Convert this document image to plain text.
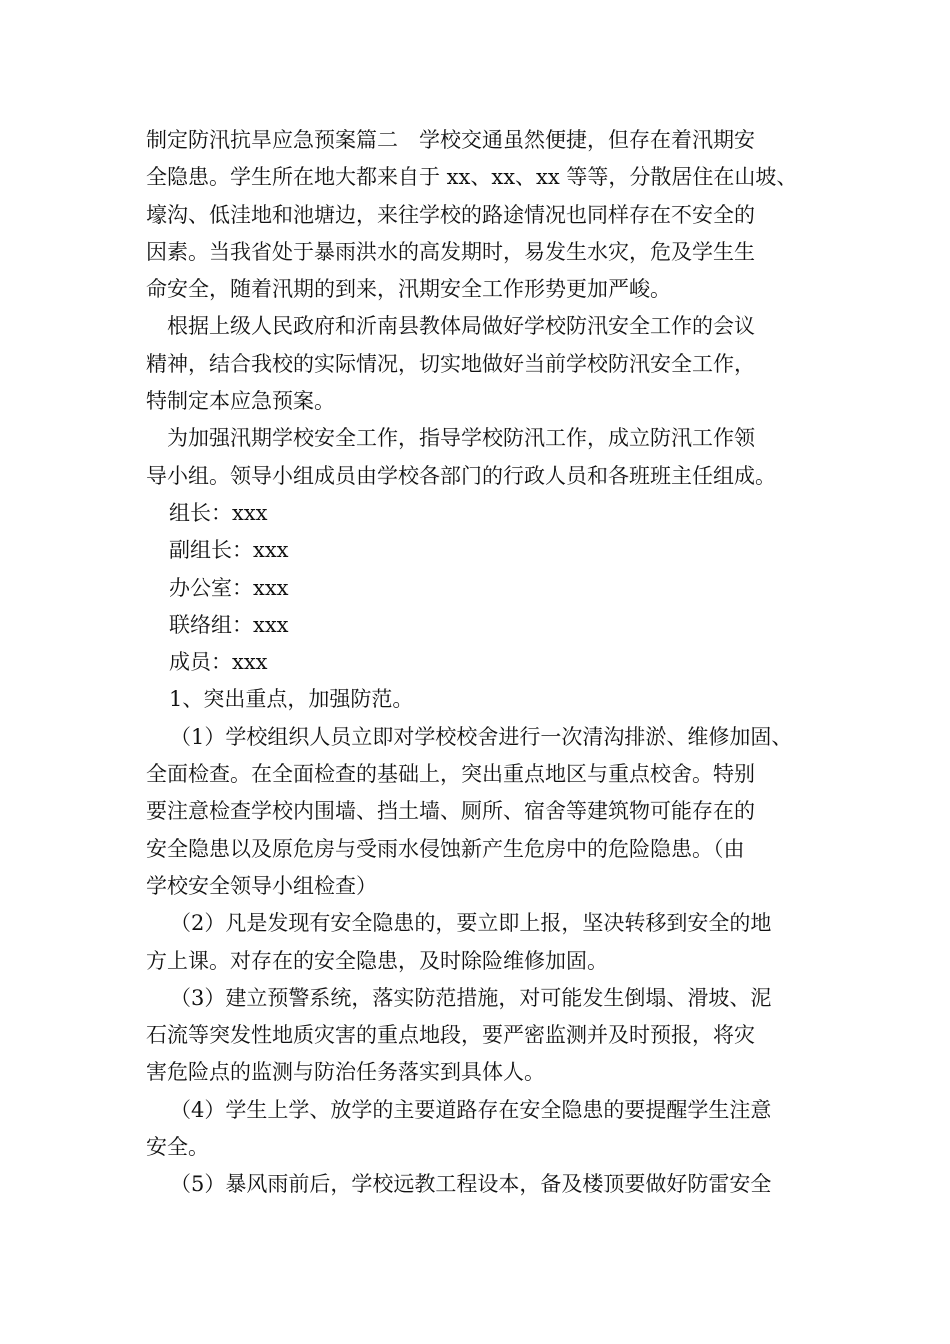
制定防汛抗旱应急预案篇二　学校交通虽然便捷，但存在着汛期安
全隐患。学生所在地大都来自于 xx、xx、xx 等等，分散居住在山坡、
壕沟、低洼地和池塘边，来往学校的路途情况也同样存在不安全的
因素。当我省处于暴雨洪水的高发期时，易发生水灾，危及学生生
命安全，随着汛期的到来，汛期安全工作形势更加严峻。
根据上级人民政府和沂南县教体局做好学校防汛安全工作的会议
精神，结合我校的实际情况，切实地做好当前学校防汛安全工作，
特制定本应急预案。
为加强汛期学校安全工作，指导学校防汛工作，成立防汛工作领
导小组。领导小组成员由学校各部门的行政人员和各班班主任组成。
组长：xxx
副组长：xxx
办公室：xxx
联络组：xxx
成员：xxx
1、突出重点，加强防范。
（1）学校组织人员立即对学校校舍进行一次清沟排淤、维修加固、
全面检查。在全面检查的基础上，突出重点地区与重点校舍。特别
要注意检查学校内围墙、挡土墙、厕所、宿舍等建筑物可能存在的
安全隐患以及原危房与受雨水侵蚀新产生危房中的危险隐患。（由
学校安全领导小组检查）
（2）凡是发现有安全隐患的，要立即上报，坚决转移到安全的地
方上课。对存在的安全隐患，及时除险维修加固。
（3）建立预警系统，落实防范措施，对可能发生倒塌、滑坡、泥
石流等突发性地质灾害的重点地段，要严密监测并及时预报，将灾
害危险点的监测与防治任务落实到具体人。
（4）学生上学、放学的主要道路存在安全隐患的要提醒学生注意
安全。
（5）暴风雨前后，学校远教工程设本，备及楼顶要做好防雷安全
